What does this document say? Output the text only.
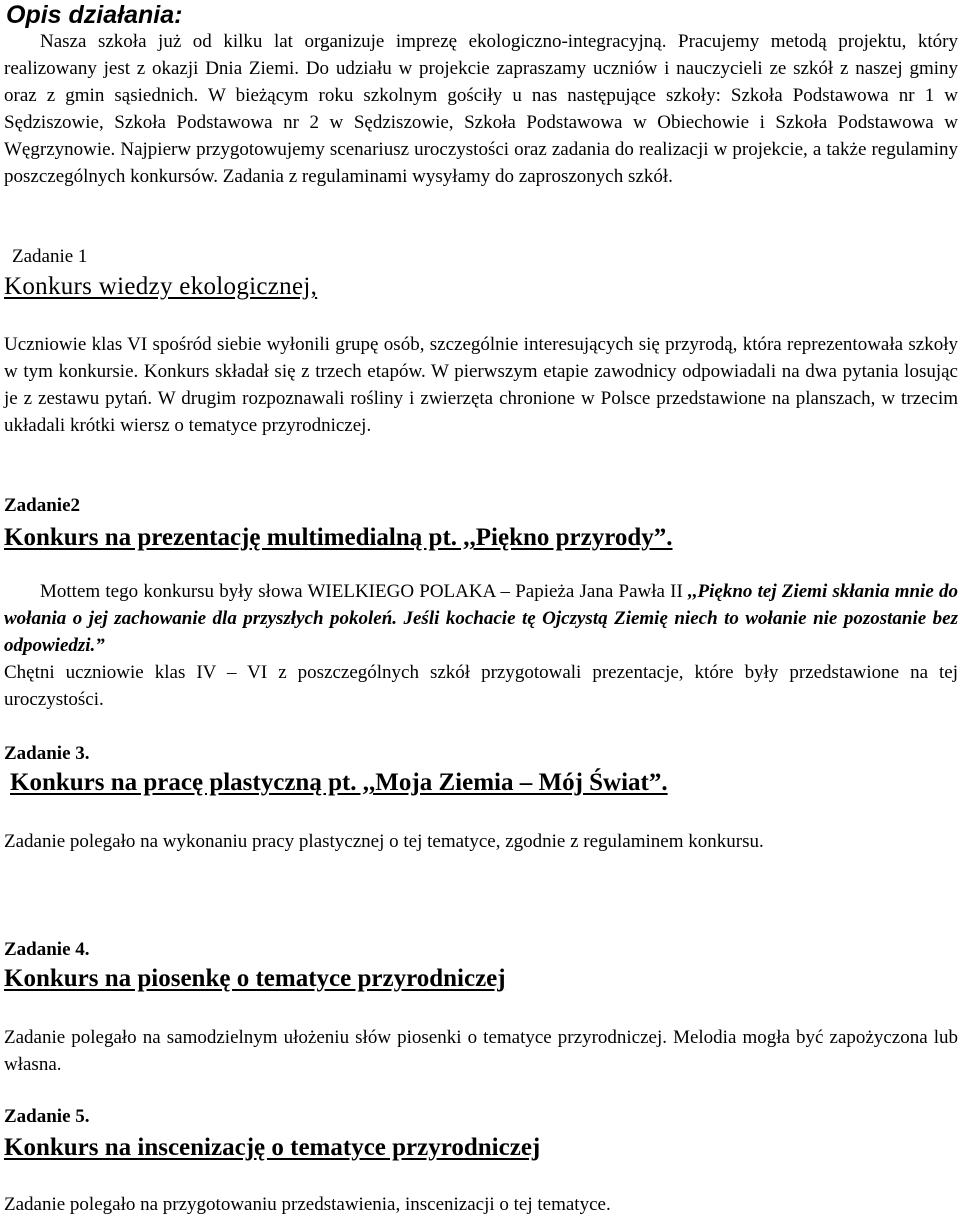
Opis działania:

Nasza szkoła już od kilku lat organizuje imprezę ekologiczno-integracyjną. Pracujemy metodą projektu, który realizowany jest z okazji Dnia Ziemi. Do udziału w projekcie zapraszamy uczniów i nauczycieli ze szkół z naszej gminy oraz z gmin sąsiednich. W bieżącym roku szkolnym gościły u nas następujące szkoły: Szkoła Podstawowa nr 1 w Sędziszowie, Szkoła Podstawowa nr 2 w Sędziszowie, Szkoła Podstawowa w Obiechowie i Szkoła Podstawowa w Węgrzynowie. Najpierw przygotowujemy scenariusz uroczystości oraz zadania do realizacji w projekcie, a także regulaminy poszczególnych konkursów. Zadania z regulaminami wysyłamy do zaproszonych szkół.

Zadanie 1

Konkurs wiedzy ekologicznej,

Uczniowie klas VI spośród siebie wyłonili grupę osób, szczególnie interesujących się przyrodą, która reprezentowała szkoły w tym konkursie. Konkurs składał się z trzech etapów. W pierwszym etapie zawodnicy odpowiadali na dwa pytania losując je z zestawu pytań. W drugim rozpoznawali rośliny i zwierzęta chronione w Polsce przedstawione na planszach, w trzecim układali krótki wiersz o tematyce przyrodniczej.

Zadanie2

Konkurs na prezentację multimedialną pt. ,,Piękno przyrody”.

Mottem tego konkursu były słowa WIELKIEGO POLAKA – Papieża Jana Pawła II ,,Piękno tej Ziemi skłania mnie do wołania o jej zachowanie dla przyszłych pokoleń. Jeśli kochacie tę Ojczystą Ziemię niech to wołanie nie pozostanie bez odpowiedzi.”

Chętni uczniowie klas IV – VI z poszczególnych szkół przygotowali prezentacje, które były przedstawione na tej uroczystości.

Zadanie 3.

Konkurs na pracę plastyczną pt. ,,Moja Ziemia – Mój Świat”.

Zadanie polegało na wykonaniu pracy plastycznej o tej tematyce, zgodnie z regulaminem konkursu.

Zadanie 4.

Konkurs na piosenkę o tematyce przyrodniczej

Zadanie polegało na samodzielnym ułożeniu słów piosenki o tematyce przyrodniczej. Melodia mogła być zapożyczona lub własna.

Zadanie 5.

Konkurs na inscenizację o tematyce przyrodniczej

Zadanie polegało na przygotowaniu przedstawienia, inscenizacji o tej tematyce.
